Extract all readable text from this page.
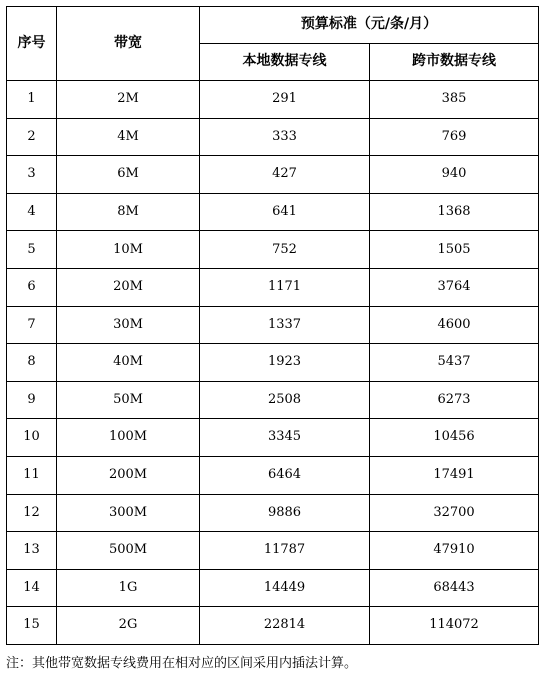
序号	带宽	预算标准（元/条/月）	
		本地数据专线	跨市数据专线
1	2M	291	385
2	4M	333	769
3	6M	427	940
4	8M	641	1368
5	10M	752	1505
6	20M	1171	3764
7	30M	1337	4600
8	40M	1923	5437
9	50M	2508	6273
10	100M	3345	10456
11	200M	6464	17491
12	300M	9886	32700
13	500M	11787	47910
14	1G	14449	68443
15	2G	22814	114072
注：其他带宽数据专线费用在相对应的区间采用内插法计算。
